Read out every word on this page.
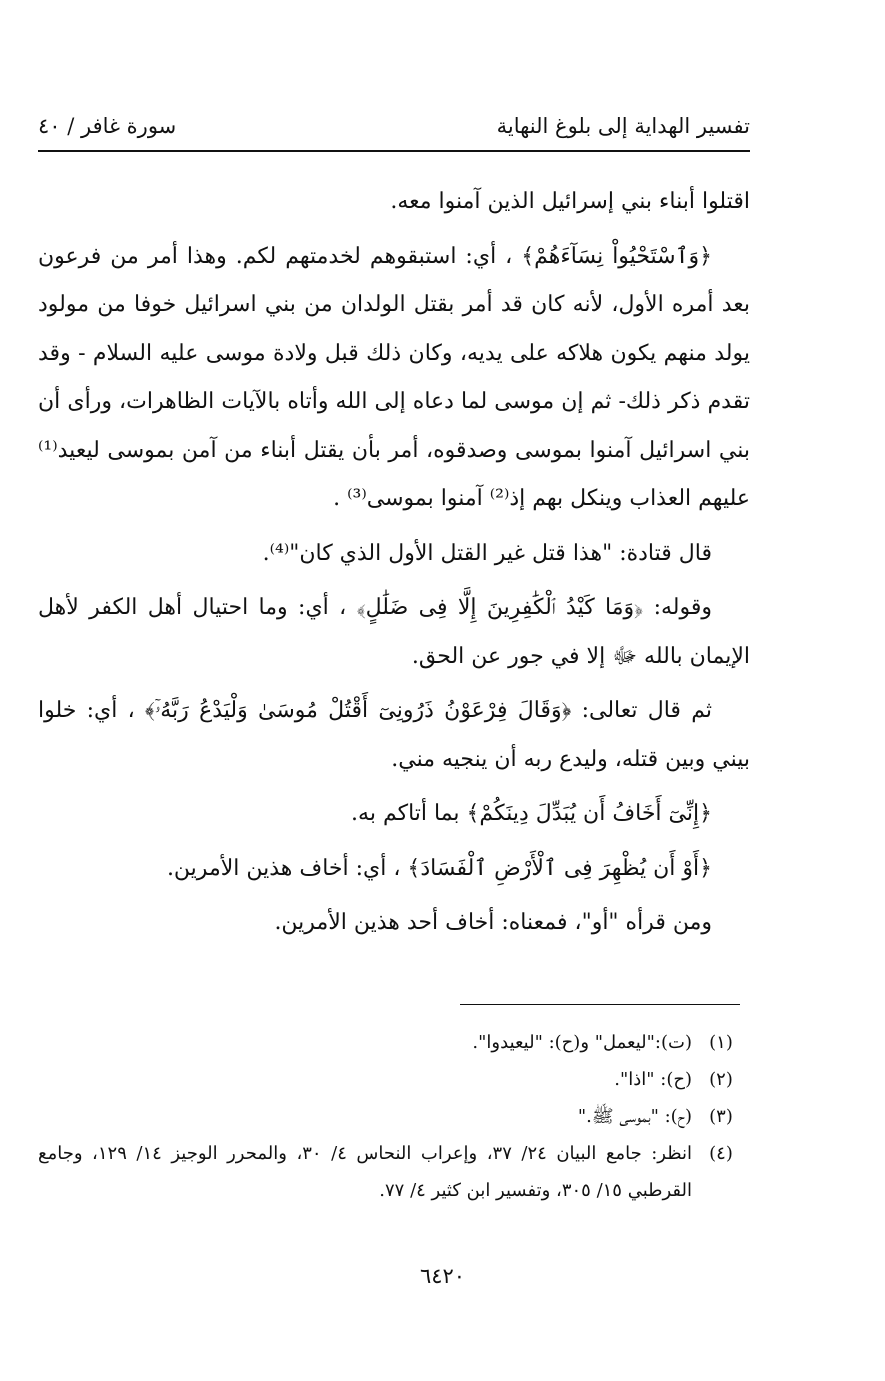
تفسير الهداية إلى بلوغ النهاية
سورة غافر / ٤٠

اقتلوا أبناء بني إسرائيل الذين آمنوا معه.

﴿وَٱسْتَحْيُواْ نِسَآءَهُمْ﴾ ، أي: استبقوهم لخدمتهم لكم. وهذا أمر من فرعون بعد أمره الأول، لأنه كان قد أمر بقتل الولدان من بني اسرائيل خوفا من مولود يولد منهم يكون هلاكه على يديه، وكان ذلك قبل ولادة موسى عليه السلام - وقد تقدم ذكر ذلك- ثم إن موسى لما دعاه إلى الله وأتاه بالآيات الظاهرات، ورأى أن بني اسرائيل آمنوا بموسى وصدقوه، أمر بأن يقتل أبناء من آمن بموسى ليعيد⁽¹⁾ عليهم العذاب وينكل بهم إذ⁽²⁾ آمنوا بموسى⁽³⁾ .

قال قتادة: "هذا قتل غير القتل الأول الذي كان"⁽⁴⁾.

وقوله: ﴿وَمَا كَيْدُ ٱلْكَٰفِرِينَ إِلَّا فِى ضَلَٰلٍ﴾ ، أي: وما احتيال أهل الكفر لأهل الإيمان بالله ﷻ إلا في جور عن الحق.

ثم قال تعالى: ﴿وَقَالَ فِرْعَوْنُ ذَرُونِىٓ أَقْتُلْ مُوسَىٰ وَلْيَدْعُ رَبَّهُۥٓ﴾ ، أي: خلوا بيني وبين قتله، وليدع ربه أن ينجيه مني.

﴿إِنِّىٓ أَخَافُ أَن يُبَدِّلَ دِينَكُمْ﴾ بما أتاكم به.

﴿أَوْ أَن يُظْهِرَ فِى ٱلْأَرْضِ ٱلْفَسَادَ﴾ ، أي: أخاف هذين الأمرين.

ومن قرأه "أو"، فمعناه: أخاف أحد هذين الأمرين.

(١)
(ت):"ليعمل" و(ح): "ليعيدوا".
(٢)
(ح): "اذا".
(٣)
(ح): "بموسى ﷺ."
(٤)
انظر: جامع البيان ٢٤/ ٣٧، وإعراب النحاس ٤/ ٣٠، والمحرر الوجيز ١٤/ ١٢٩، وجامع القرطبي ١٥/ ٣٠٥، وتفسير ابن كثير ٤/ ٧٧.
٦٤٢٠
